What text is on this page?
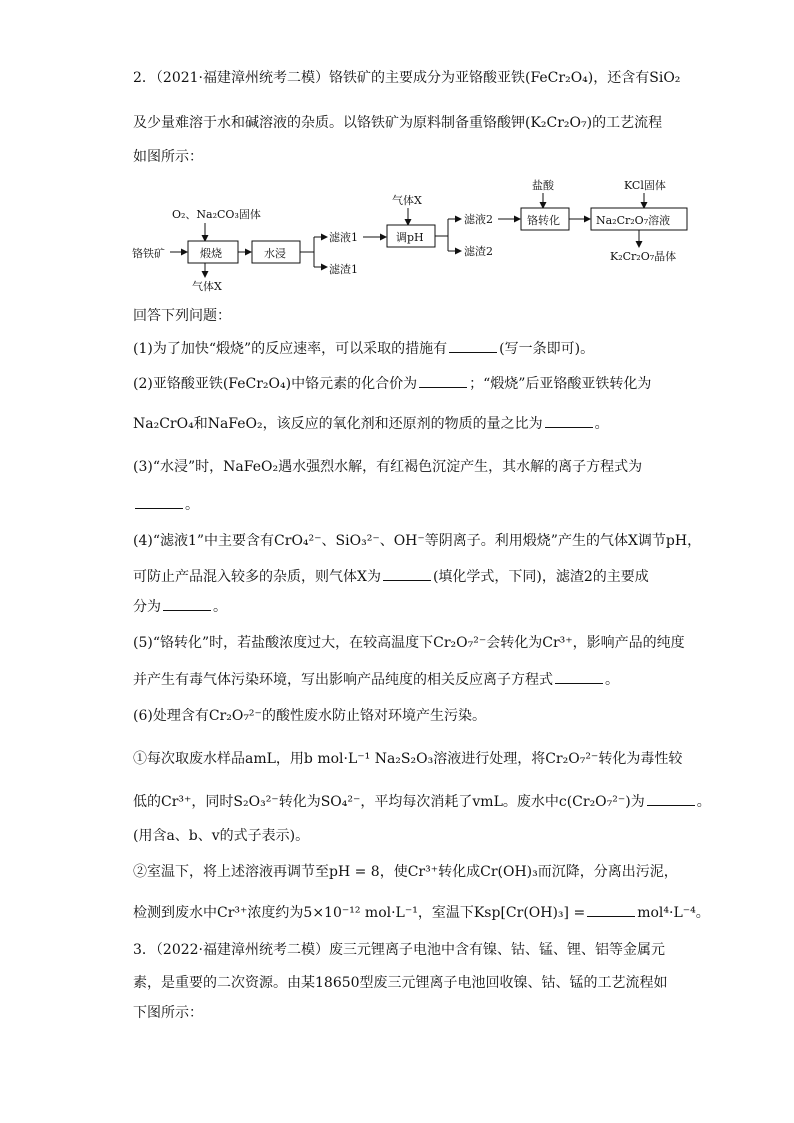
2．（2021·福建漳州统考二模）铬铁矿的主要成分为亚铬酸亚铁(FeCr₂O₄)，还含有SiO₂
及少量难溶于水和碱溶液的杂质。以铬铁矿为原料制备重铬酸钾(K₂Cr₂O₇)的工艺流程
如图所示：
铬铁矿
O₂、Na₂CO₃固体
煅烧
气体X
水浸
滤液1
滤渣1
气体X
调pH
滤液2
滤渣2
盐酸
铬转化
KCl固体
Na₂Cr₂O₇溶液
K₂Cr₂O₇晶体
回答下列问题：
(1)为了加快“煅烧”的反应速率，可以采取的措施有	(写一条即可)。
(2)亚铬酸亚铁(FeCr₂O₄)中铬元素的化合价为	；“煅烧”后亚铬酸亚铁转化为
Na₂CrO₄和NaFeO₂，该反应的氧化剂和还原剂的物质的量之比为	。
(3)“水浸”时，NaFeO₂遇水强烈水解，有红褐色沉淀产生，其水解的离子方程式为
。
(4)“滤液1”中主要含有CrO₄²⁻、SiO₃²⁻、OH⁻等阴离子。利用煅烧”产生的气体X调节pH，
可防止产品混入较多的杂质，则气体X为	(填化学式，下同)，滤渣2的主要成
分为	。
(5)“铬转化”时，若盐酸浓度过大，在较高温度下Cr₂O₇²⁻会转化为Cr³⁺，影响产品的纯度
并产生有毒气体污染环境，写出影响产品纯度的相关反应离子方程式	。
(6)处理含有Cr₂O₇²⁻的酸性废水防止铬对环境产生污染。
①每次取废水样品amL，用b mol·L⁻¹ Na₂S₂O₃溶液进行处理，将Cr₂O₇²⁻转化为毒性较
低的Cr³⁺，同时S₂O₃²⁻转化为SO₄²⁻，平均每次消耗了vmL。废水中c(Cr₂O₇²⁻)为	。
(用含a、b、v的式子表示)。
②室温下，将上述溶液再调节至pH = 8，使Cr³⁺转化成Cr(OH)₃而沉降，分离出污泥，
检测到废水中Cr³⁺浓度约为5×10⁻¹² mol·L⁻¹，室温下Ksp[Cr(OH)₃] =	mol⁴·L⁻⁴。
3．（2022·福建漳州统考二模）废三元锂离子电池中含有镍、钴、锰、锂、铝等金属元
素，是重要的二次资源。由某18650型废三元锂离子电池回收镍、钴、锰的工艺流程如
下图所示：
